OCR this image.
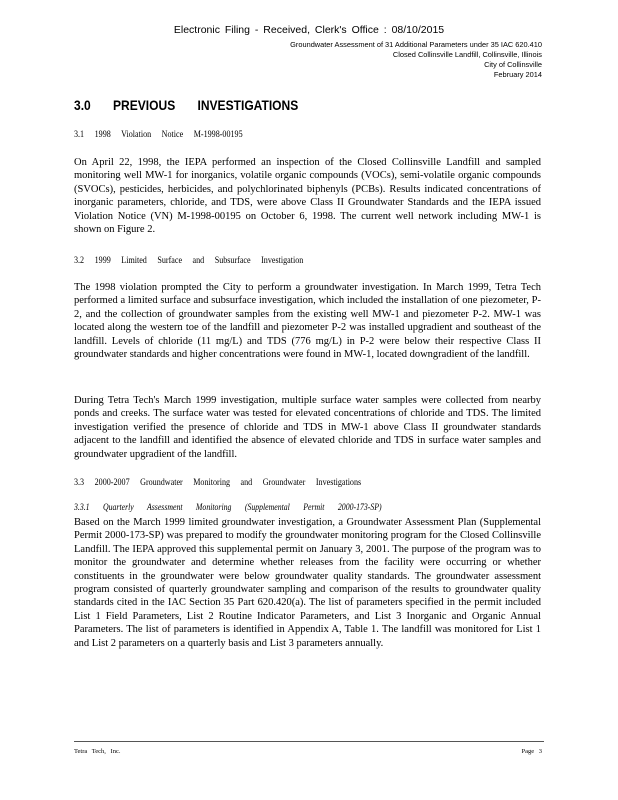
Electronic Filing - Received, Clerk's Office : 08/10/2015
Groundwater Assessment of 31 Additional Parameters under 35 IAC 620.410
Closed Collinsville Landfill, Collinsville, Illinois
City of Collinsville
February 2014
3.0 PREVIOUS INVESTIGATIONS
3.1 1998 Violation Notice M-1998-00195
On April 22, 1998, the IEPA performed an inspection of the Closed Collinsville Landfill and sampled monitoring well MW-1 for inorganics, volatile organic compounds (VOCs), semi-volatile organic compounds (SVOCs), pesticides, herbicides, and polychlorinated biphenyls (PCBs). Results indicated concentrations of inorganic parameters, chloride, and TDS, were above Class II Groundwater Standards and the IEPA issued Violation Notice (VN) M-1998-00195 on October 6, 1998. The current well network including MW-1 is shown on Figure 2.
3.2 1999 Limited Surface and Subsurface Investigation
The 1998 violation prompted the City to perform a groundwater investigation. In March 1999, Tetra Tech performed a limited surface and subsurface investigation, which included the installation of one piezometer, P-2, and the collection of groundwater samples from the existing well MW-1 and piezometer P-2. MW-1 was located along the western toe of the landfill and piezometer P-2 was installed upgradient and southeast of the landfill. Levels of chloride (11 mg/L) and TDS (776 mg/L) in P-2 were below their respective Class II groundwater standards and higher concentrations were found in MW-1, located downgradient of the landfill.
During Tetra Tech's March 1999 investigation, multiple surface water samples were collected from nearby ponds and creeks. The surface water was tested for elevated concentrations of chloride and TDS. The limited investigation verified the presence of chloride and TDS in MW-1 above Class II groundwater standards adjacent to the landfill and identified the absence of elevated chloride and TDS in surface water samples and groundwater upgradient of the landfill.
3.3 2000-2007 Groundwater Monitoring and Groundwater Investigations
3.3.1 Quarterly Assessment Monitoring (Supplemental Permit 2000-173-SP)
Based on the March 1999 limited groundwater investigation, a Groundwater Assessment Plan (Supplemental Permit 2000-173-SP) was prepared to modify the groundwater monitoring program for the Closed Collinsville Landfill. The IEPA approved this supplemental permit on January 3, 2001. The purpose of the program was to monitor the groundwater and determine whether releases from the facility were occurring or whether constituents in the groundwater were below groundwater quality standards. The groundwater assessment program consisted of quarterly groundwater sampling and comparison of the results to groundwater quality standards cited in the IAC Section 35 Part 620.420(a). The list of parameters specified in the permit included List 1 Field Parameters, List 2 Routine Indicator Parameters, and List 3 Inorganic and Organic Annual Parameters. The list of parameters is identified in Appendix A, Table 1. The landfill was monitored for List 1 and List 2 parameters on a quarterly basis and List 3 parameters annually.
Tetra Tech, Inc.	Page 3
